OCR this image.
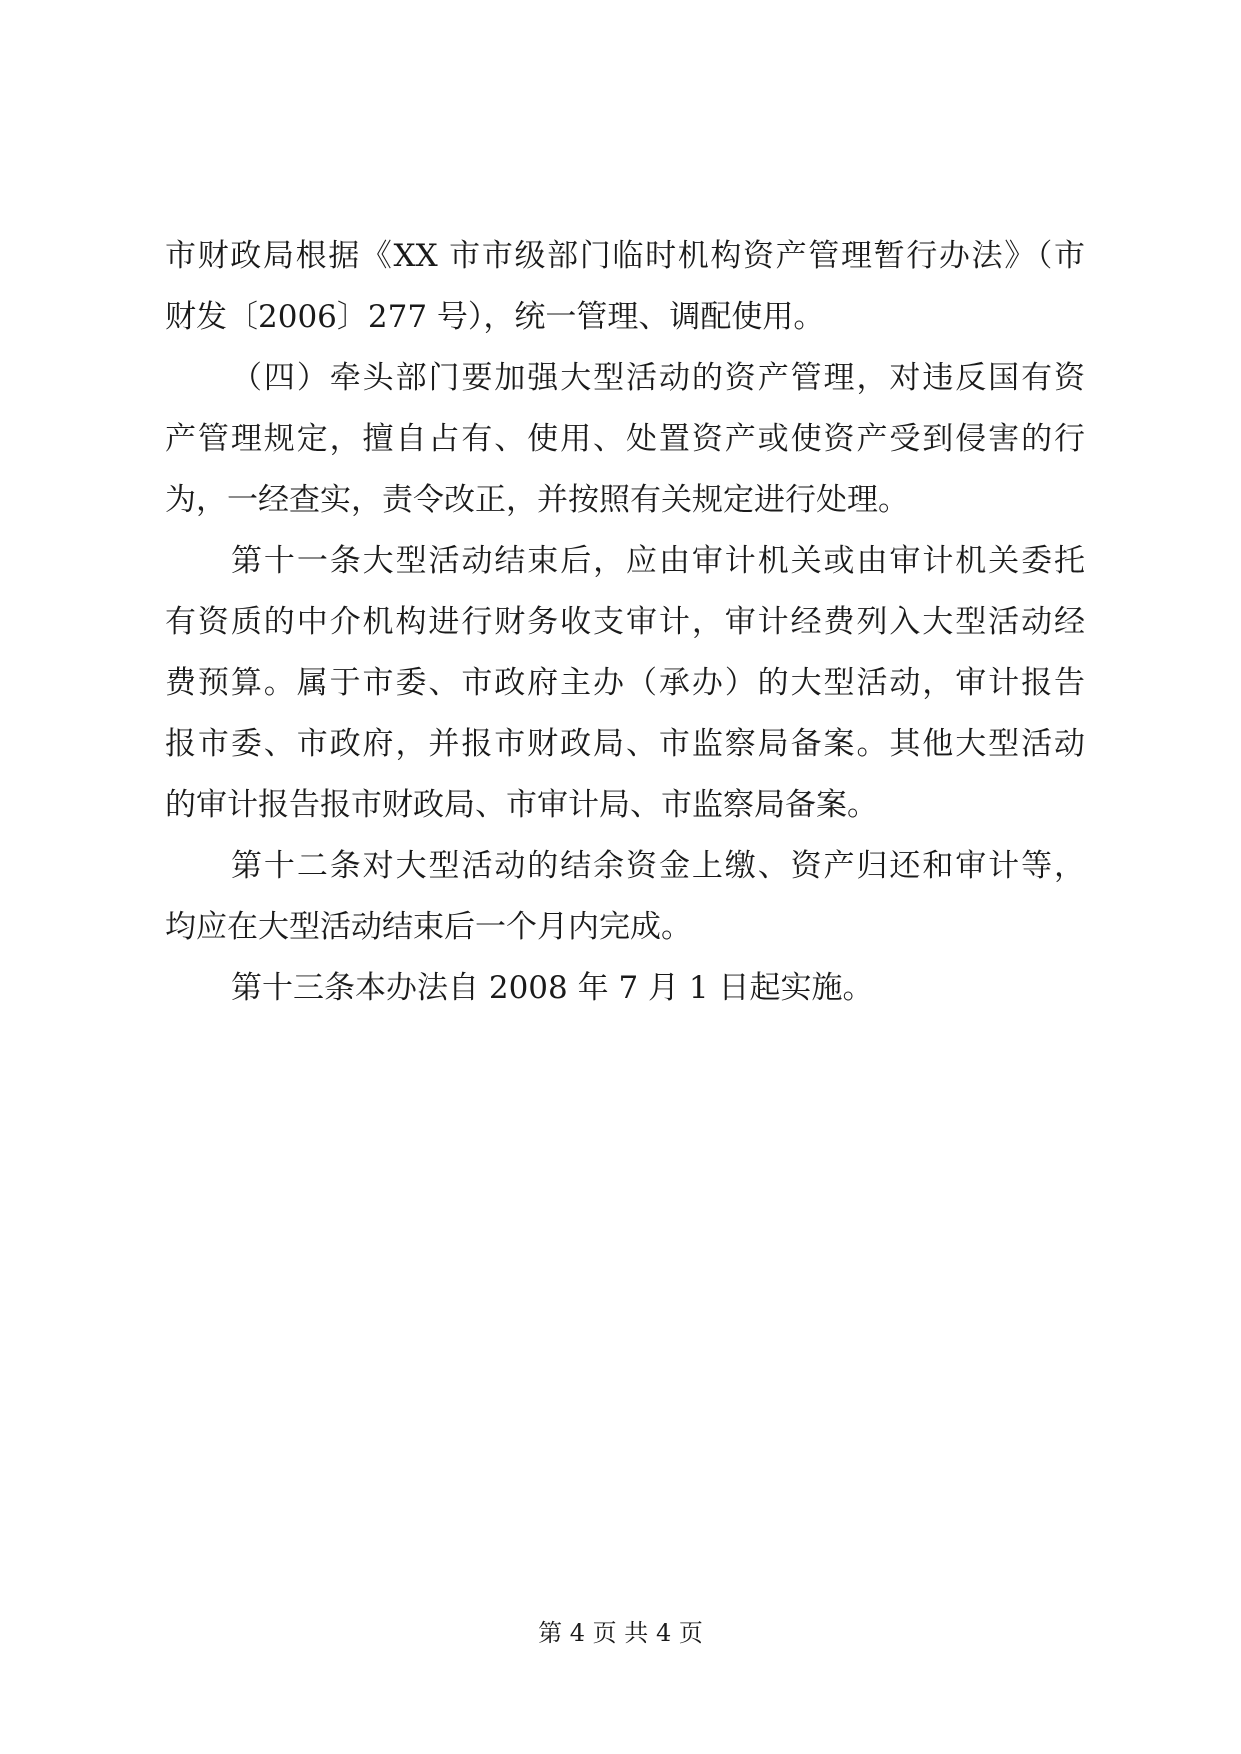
市财政局根据《XX 市市级部门临时机构资产管理暂行办法》（市
财发〔2006〕277 号），统一管理、调配使用。
（四）牵头部门要加强大型活动的资产管理，对违反国有资
产管理规定，擅自占有、使用、处置资产或使资产受到侵害的行
为，一经查实，责令改正，并按照有关规定进行处理。
第十一条大型活动结束后，应由审计机关或由审计机关委托
有资质的中介机构进行财务收支审计，审计经费列入大型活动经
费预算。属于市委、市政府主办（承办）的大型活动，审计报告
报市委、市政府，并报市财政局、市监察局备案。其他大型活动
的审计报告报市财政局、市审计局、市监察局备案。
第十二条对大型活动的结余资金上缴、资产归还和审计等，
均应在大型活动结束后一个月内完成。
第十三条本办法自 2008 年 7 月 1 日起实施。
第 4 页 共 4 页
